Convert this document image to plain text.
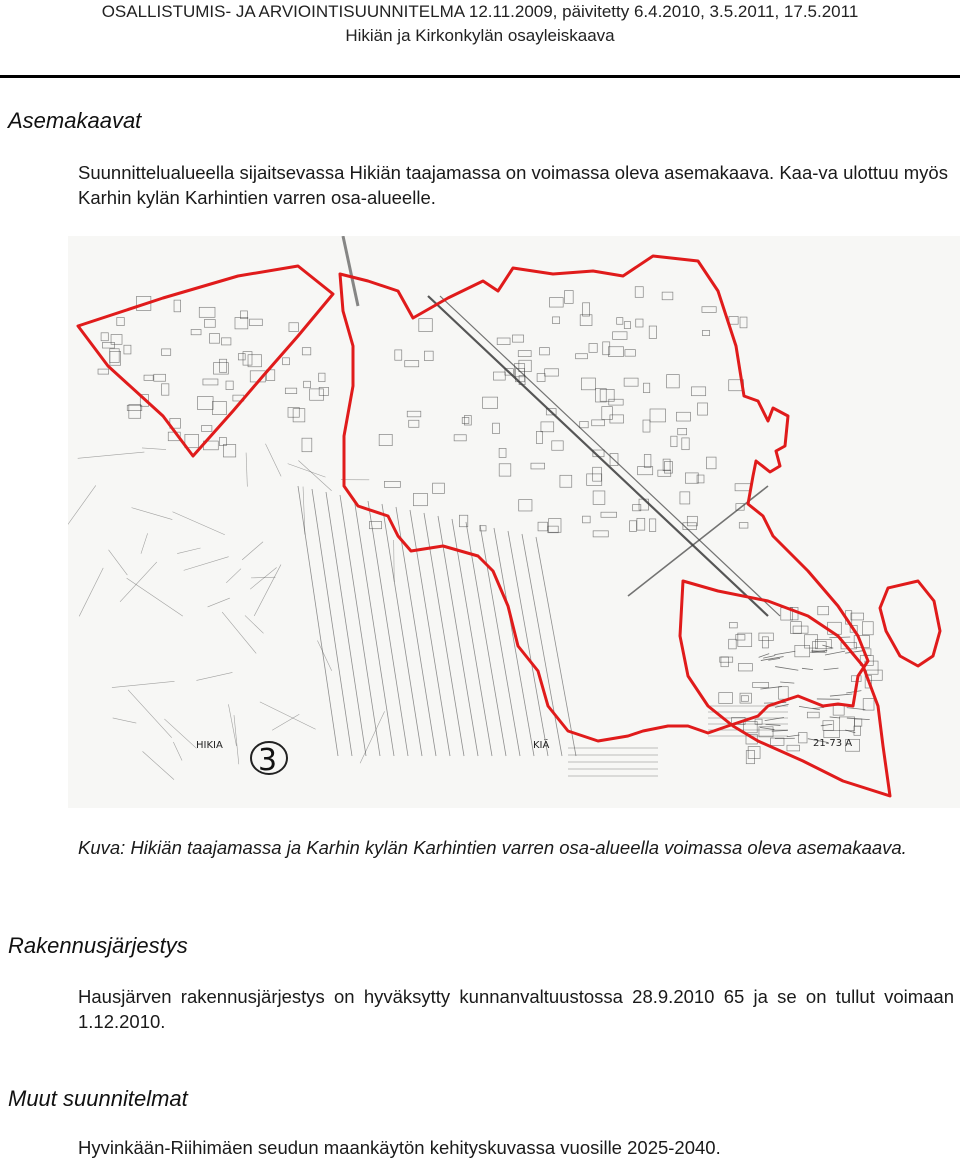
OSALLISTUMIS- JA ARVIOINTISUUNNITELMA 12.11.2009, päivitetty 6.4.2010, 3.5.2011, 17.5.2011
Hikiän ja Kirkonkylän osayleiskaava
Asemakaavat
Suunnittelualueella sijaitsevassa Hikiän taajamassa on voimassa oleva asemakaava. Kaa-va ulottuu myös Karhin kylän Karhintien varren osa-alueelle.
HIKIA	KIÄ	21-73 A
3
Kuva: Hikiän taajamassa ja Karhin kylän Karhintien varren osa-alueella voimassa oleva asemakaava.
Rakennusjärjestys
Hausjärven rakennusjärjestys on hyväksytty kunnanvaltuustossa 28.9.2010 65 ja se on tullut voimaan 1.12.2010.
Muut suunnitelmat
Hyvinkään-Riihimäen seudun maankäytön kehityskuvassa vuosille 2025-2040.
